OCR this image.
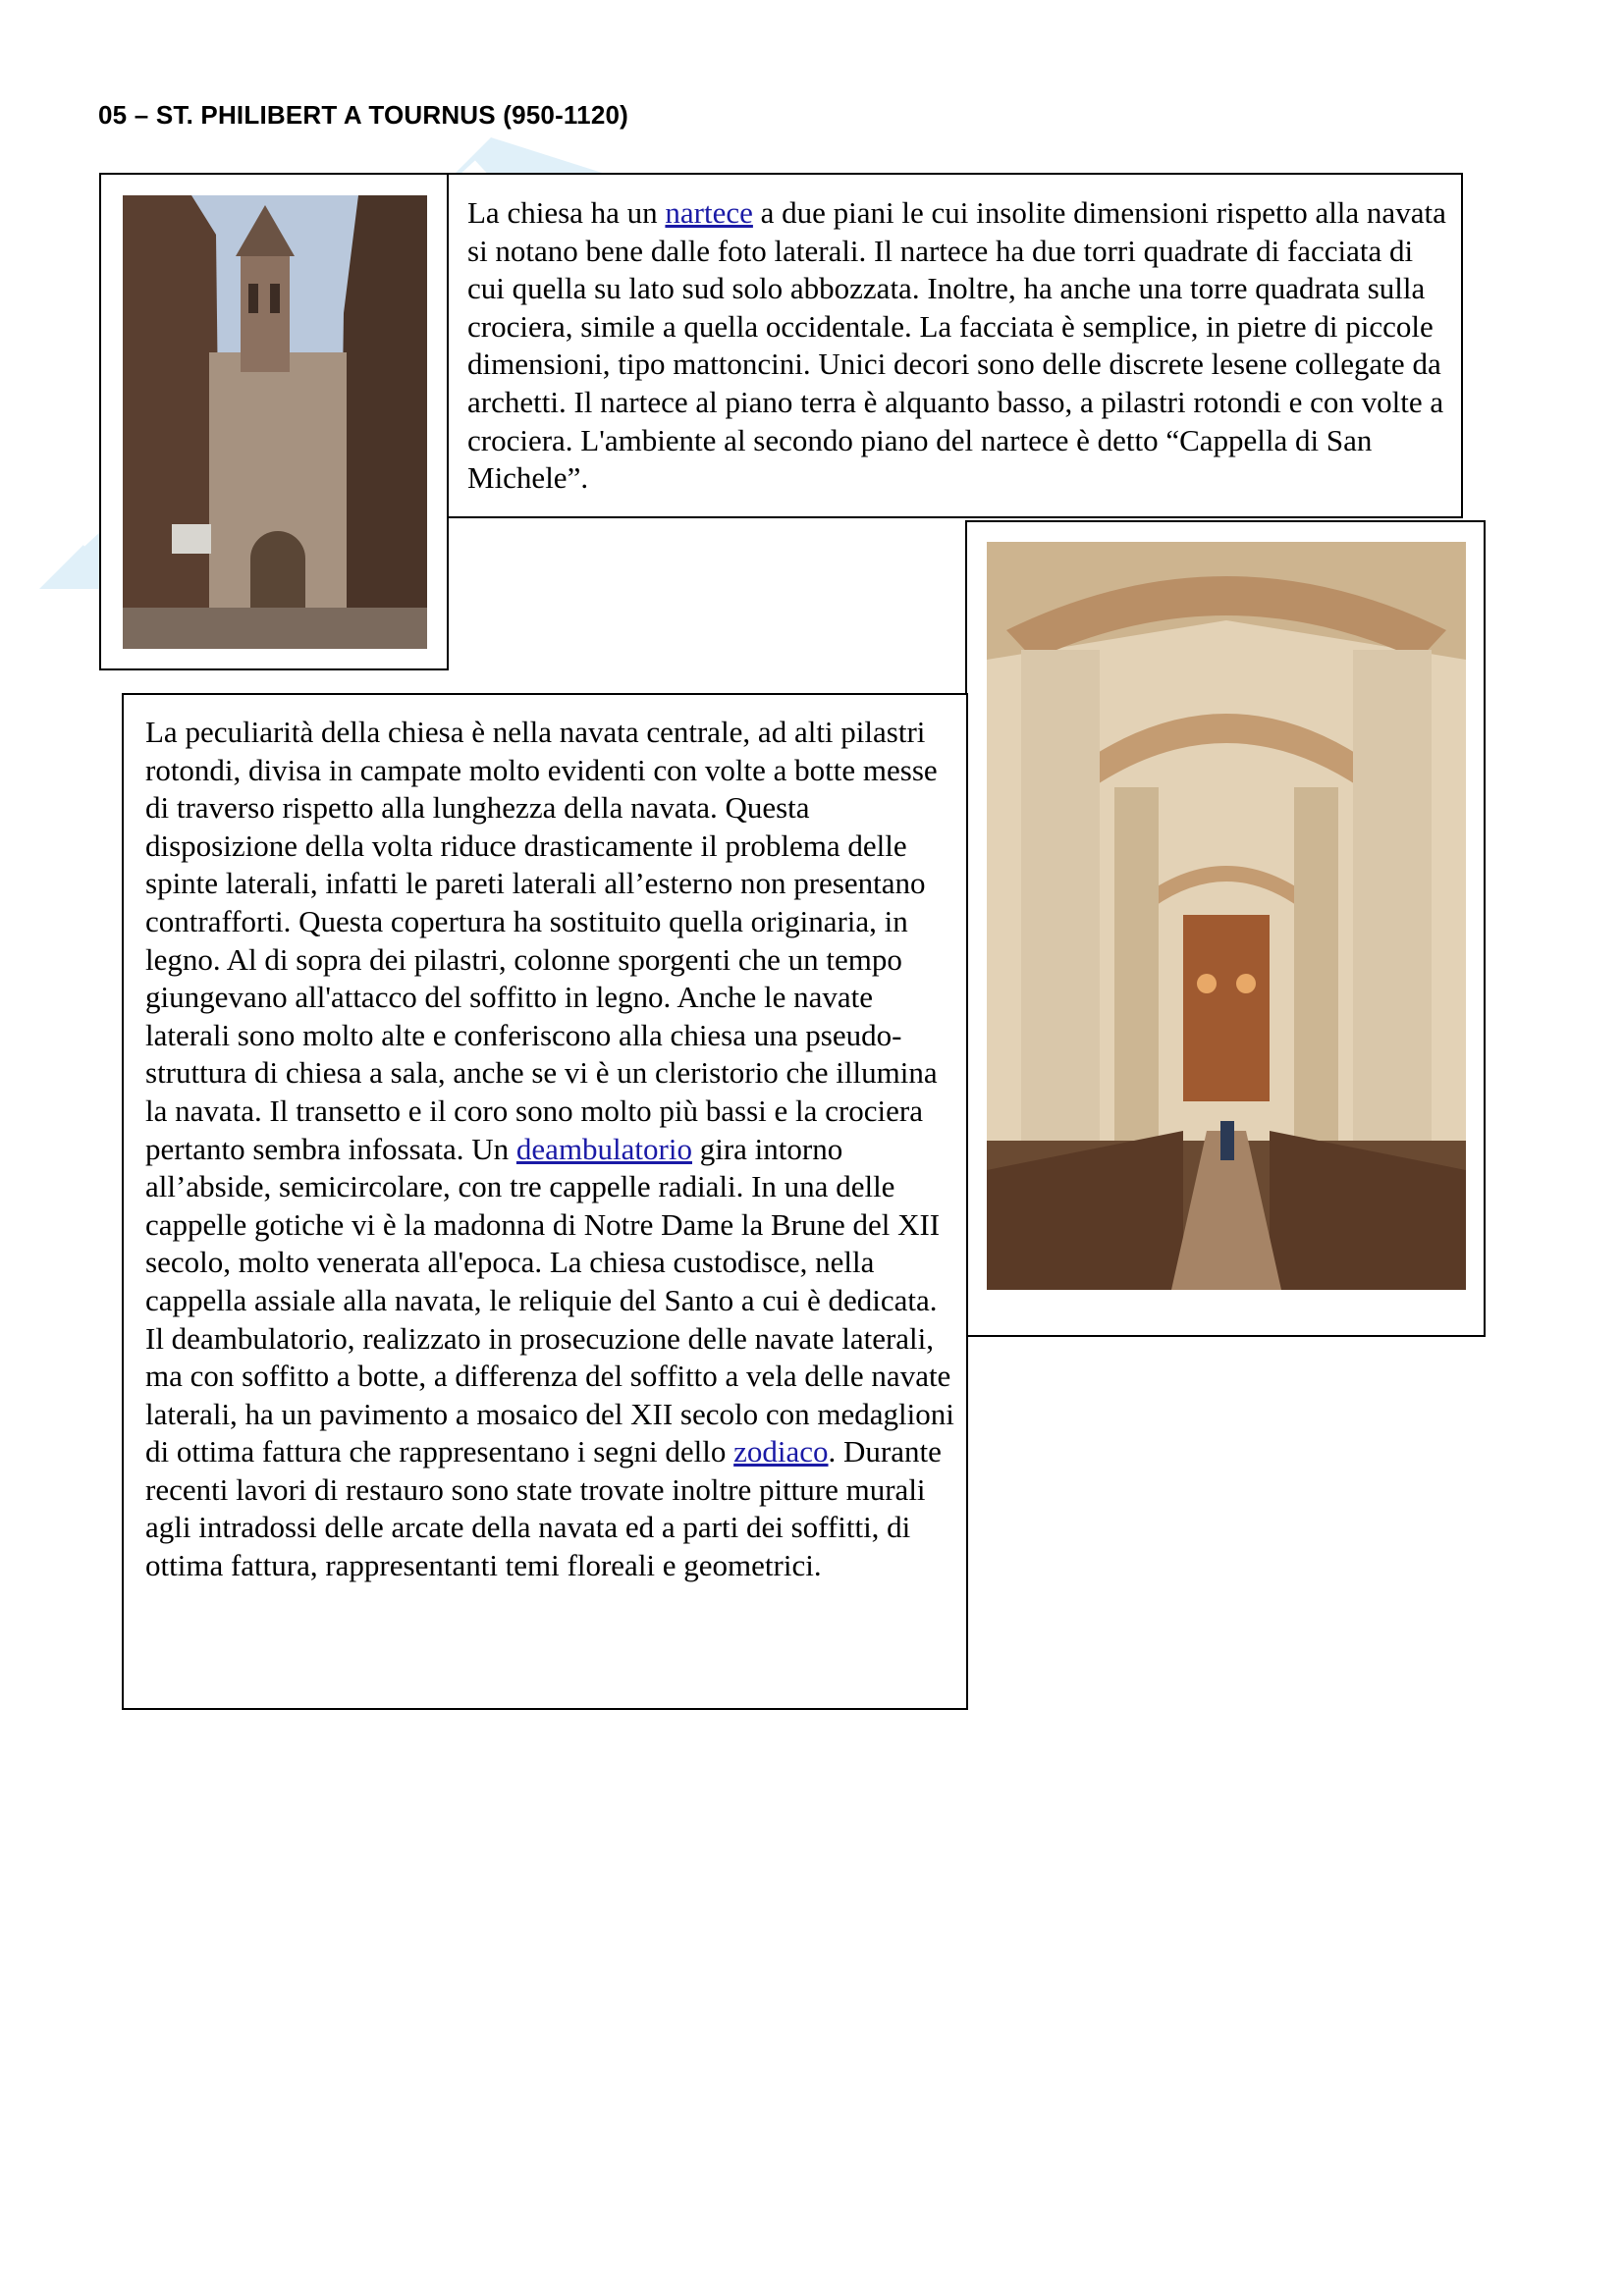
05 – ST. PHILIBERT A TOURNUS (950-1120)

La chiesa ha un nartece a due piani le cui insolite dimensioni rispetto alla navata si notano bene dalle foto laterali. Il nartece ha due torri quadrate di facciata di cui quella su lato sud solo abbozzata. Inoltre, ha anche una torre quadrata sulla crociera, simile a quella occidentale. La facciata è semplice, in pietre di piccole dimensioni, tipo mattoncini. Unici decori sono delle discrete lesene collegate da archetti. Il nartece al piano terra è alquanto basso, a pilastri rotondi e con volte a crociera. L'ambiente al secondo piano del nartece è detto “Cappella di San Michele”.

La peculiarità della chiesa è nella navata centrale, ad alti pilastri rotondi, divisa in campate molto evidenti con volte a botte messe di traverso rispetto alla lunghezza della navata. Questa disposizione della volta riduce drasticamente il problema delle spinte laterali, infatti le pareti laterali all’esterno non presentano contrafforti. Questa copertura ha sostituito quella originaria, in legno. Al di sopra dei pilastri, colonne sporgenti che un tempo giungevano all'attacco del soffitto in legno. Anche le navate laterali sono molto alte e conferiscono alla chiesa una pseudo-struttura di chiesa a sala, anche se vi è un cleristorio che illumina la navata. Il transetto e il coro sono molto più bassi e la crociera pertanto sembra infossata. Un deambulatorio gira intorno all’abside, semicircolare, con tre cappelle radiali. In una delle cappelle gotiche vi è la madonna di Notre Dame la Brune del XII secolo, molto venerata all'epoca. La chiesa custodisce, nella cappella assiale alla navata, le reliquie del Santo a cui è dedicata. Il deambulatorio, realizzato in prosecuzione delle navate laterali, ma con soffitto a botte, a differenza del soffitto a vela delle navate laterali, ha un pavimento a mosaico del XII secolo con medaglioni di ottima fattura che rappresentano i segni dello zodiaco. Durante recenti lavori di restauro sono state trovate inoltre pitture murali agli intradossi delle arcate della navata ed a parti dei soffitti, di ottima fattura, rappresentanti temi floreali e geometrici.
